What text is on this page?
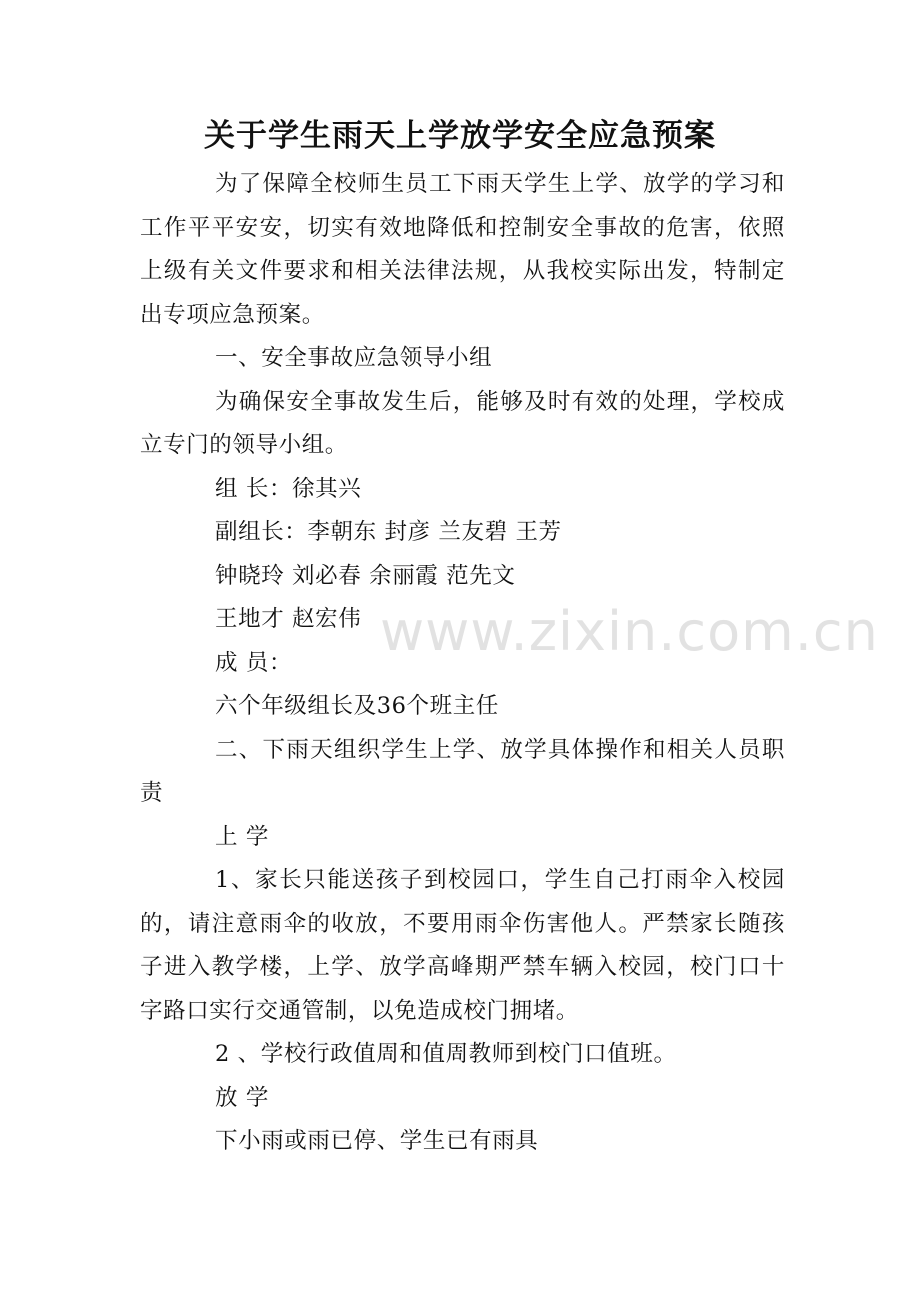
关于学生雨天上学放学安全应急预案

为了保障全校师生员工下雨天学生上学、放学的学习和工作平平安安，切实有效地降低和控制安全事故的危害，依照上级有关文件要求和相关法律法规，从我校实际出发，特制定出专项应急预案。

一、安全事故应急领导小组

为确保安全事故发生后，能够及时有效的处理，学校成立专门的领导小组。

组 长：徐其兴

副组长：李朝东 封彦 兰友碧 王芳

钟晓玲 刘必春 余丽霞 范先文

王地才 赵宏伟

成 员：

六个年级组长及36个班主任

二、下雨天组织学生上学、放学具体操作和相关人员职责

上 学

1、家长只能送孩子到校园口，学生自己打雨伞入校园的，请注意雨伞的收放，不要用雨伞伤害他人。严禁家长随孩子进入教学楼，上学、放学高峰期严禁车辆入校园，校门口十字路口实行交通管制，以免造成校门拥堵。

2 、学校行政值周和值周教师到校门口值班。

放 学

下小雨或雨已停、学生已有雨具

www.zixin.com.cn
